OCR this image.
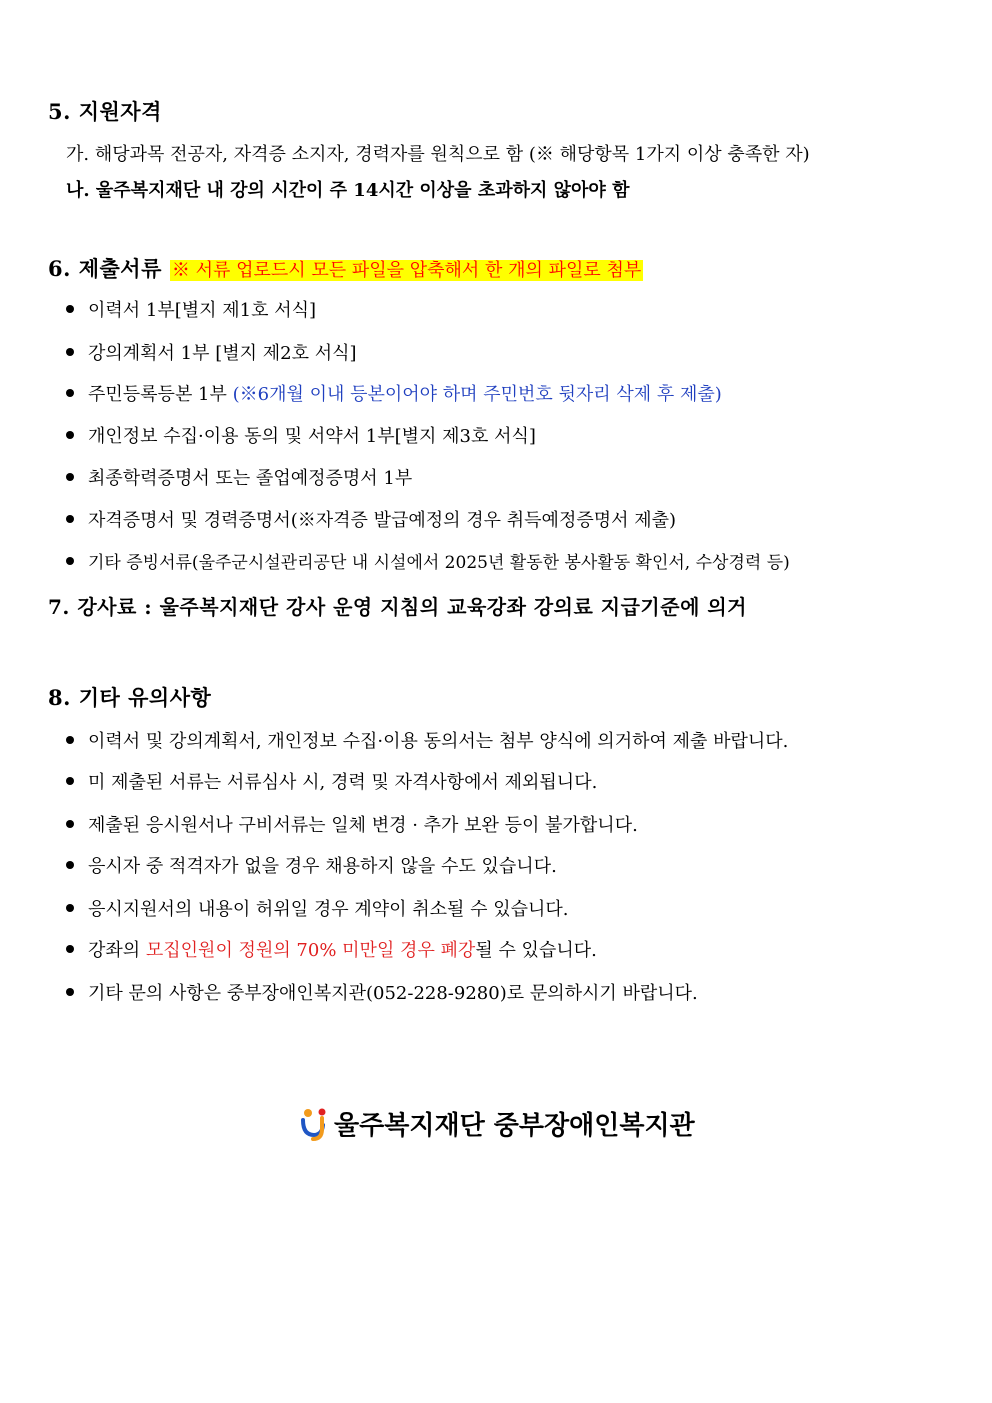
5. 지원자격
가. 해당과목 전공자, 자격증 소지자, 경력자를 원칙으로 함 (※ 해당항목 1가지 이상 충족한 자)
나. 울주복지재단 내 강의 시간이 주 14시간 이상을 초과하지 않아야 함
6. 제출서류 ※ 서류 업로드시 모든 파일을 압축해서 한 개의 파일로 첨부
이력서 1부[별지 제1호 서식]
강의계획서 1부 [별지 제2호 서식]
주민등록등본 1부 (※6개월 이내 등본이어야 하며 주민번호 뒷자리 삭제 후 제출)
개인정보 수집·이용 동의 및 서약서 1부[별지 제3호 서식]
최종학력증명서 또는 졸업예정증명서 1부
자격증명서 및 경력증명서(※자격증 발급예정의 경우 취득예정증명서 제출)
기타 증빙서류(울주군시설관리공단 내 시설에서 2025년 활동한 봉사활동 확인서, 수상경력 등)
7. 강사료 : 울주복지재단 강사 운영 지침의 교육강좌 강의료 지급기준에 의거
8. 기타 유의사항
이력서 및 강의계획서, 개인정보 수집·이용 동의서는 첨부 양식에 의거하여 제출 바랍니다.
미 제출된 서류는 서류심사 시, 경력 및 자격사항에서 제외됩니다.
제출된 응시원서나 구비서류는 일체 변경 · 추가 보완 등이 불가합니다.
응시자 중 적격자가 없을 경우 채용하지 않을 수도 있습니다.
응시지원서의 내용이 허위일 경우 계약이 취소될 수 있습니다.
강좌의 모집인원이 정원의 70% 미만일 경우 폐강 될 수 있습니다.
기타 문의 사항은 중부장애인복지관(052-228-9280)로 문의하시기 바랍니다.
울주복지재단 중부장애인복지관
